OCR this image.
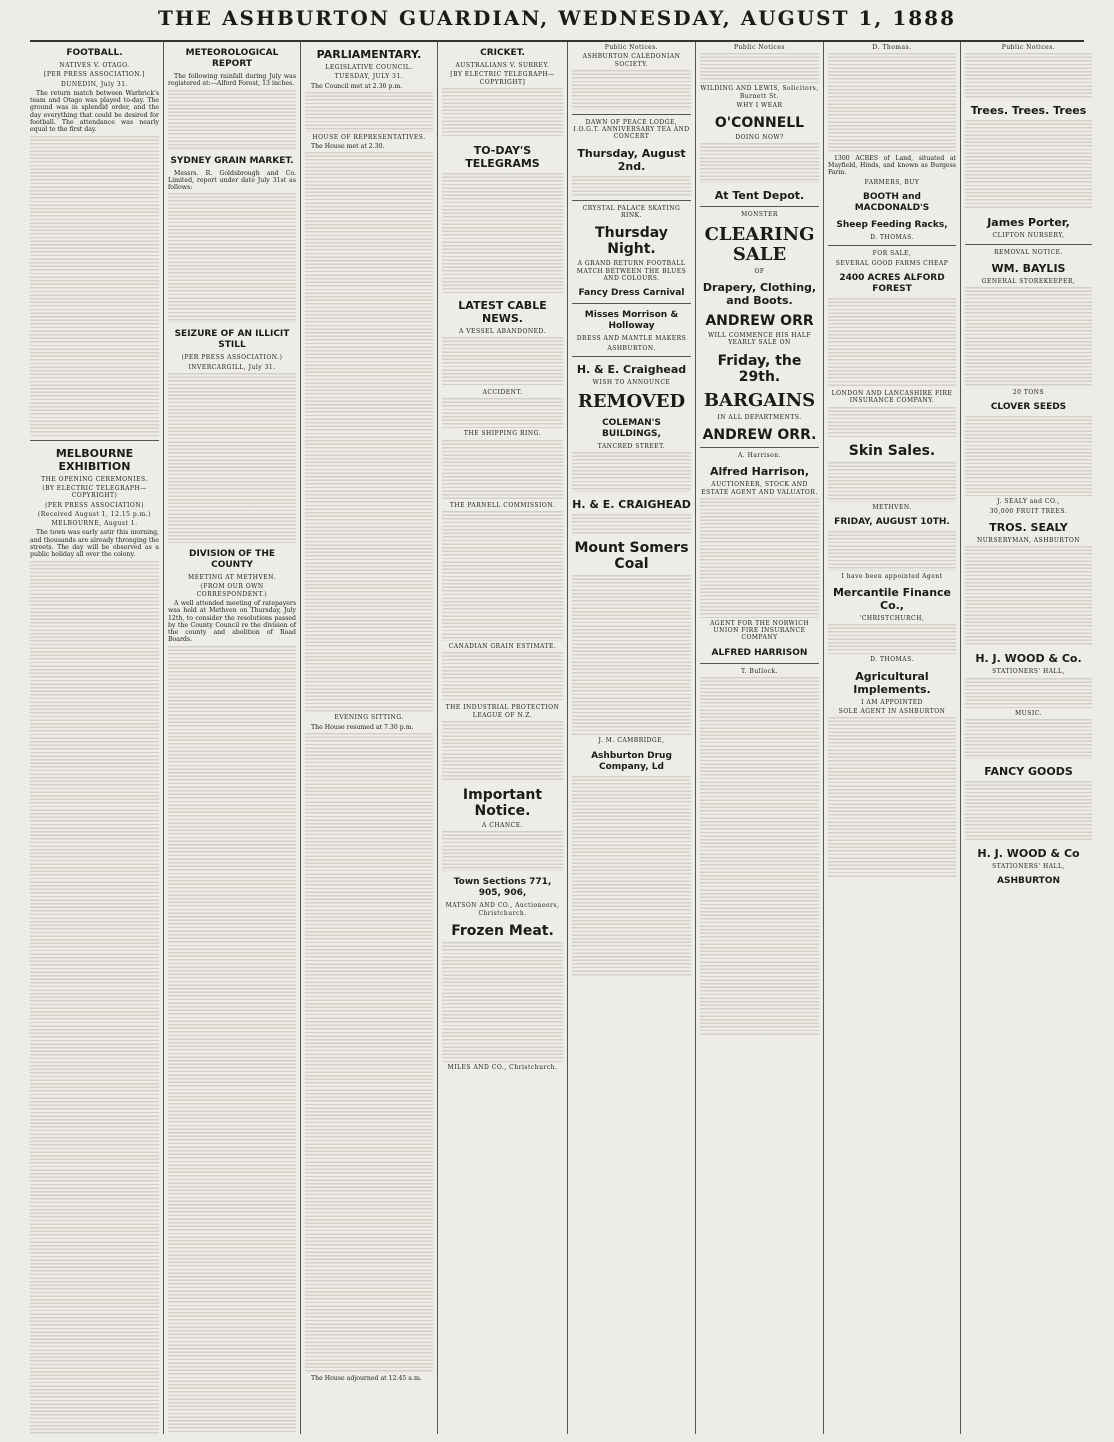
THE ASHBURTON GUARDIAN, WEDNESDAY, AUGUST 1, 1888
FOOTBALL.
NATIVES V. OTAGO.
[PER PRESS ASSOCIATION.]
DUNEDIN, July 31.
The return match between Warbrick's team and Otago was played to-day. The ground was in splendid order, and the day everything that could be desired for football. The attendance was nearly equal to the first day.
MELBOURNE EXHIBITION
THE OPENING CEREMONIES.
(BY ELECTRIC TELEGRAPH—COPYRIGHT)
(PER PRESS ASSOCIATION)
(Received August 1, 12.15 p.m.)
MELBOURNE, August 1.
The town was early astir this morning, and thousands are already thronging the streets. The day will be observed as a public holiday all over the colony.
METEOROLOGICAL REPORT
The following rainfall during July was registered at:—Alford Forest, 13 inches.
SYDNEY GRAIN MARKET.
Messrs. R. Goldsbrough and Co. Limited, report under date July 31st as follows:
SEIZURE OF AN ILLICIT STILL
(PER PRESS ASSOCIATION.)
INVERCARGILL, July 31.
DIVISION OF THE COUNTY
MEETING AT METHVEN.
(FROM OUR OWN CORRESPONDENT.)
A well attended meeting of ratepayers was held at Methven on Thursday, July 12th, to consider the resolutions passed by the County Council re the division of the county and abolition of Road Boards.
PARLIAMENTARY.
LEGISLATIVE COUNCIL.
TUESDAY, JULY 31.
The Council met at 2.30 p.m.
HOUSE OF REPRESENTATIVES.
The House met at 2.30.
EVENING SITTING.
The House resumed at 7.30 p.m.
The House adjourned at 12.45 a.m.
CRICKET.
AUSTRALIANS V. SURREY.
[BY ELECTRIC TELEGRAPH—COPYRIGHT]
TO-DAY'S TELEGRAMS
LATEST CABLE NEWS.
A VESSEL ABANDONED.
ACCIDENT.
THE SHIPPING RING.
THE PARNELL COMMISSION.
CANADIAN GRAIN ESTIMATE.
THE INDUSTRIAL PROTECTION LEAGUE OF N.Z.
Important Notice.
A CHANCE.
Town Sections 771, 905, 906,
MATSON AND CO., Auctioneers, Christchurch.
Frozen Meat.
MILES AND CO., Christchurch.
Public Notices.
ASHBURTON CALEDONIAN SOCIETY.
DAWN OF PEACE LODGE, I.O.G.T. ANNIVERSARY TEA AND CONCERT
Thursday, August 2nd.
CRYSTAL PALACE SKATING RINK.
Thursday Night.
A GRAND RETURN FOOTBALL MATCH BETWEEN THE BLUES AND COLOURS.
Fancy Dress Carnival
Misses Morrison & Holloway
DRESS AND MANTLE MAKERS
ASHBURTON.
H. & E. Craighead
WISH TO ANNOUNCE
REMOVED
COLEMAN'S BUILDINGS,
TANCRED STREET.
H. & E. CRAIGHEAD
Mount Somers Coal
J. M. CAMBRIDGE,
Ashburton Drug Company, Ld
Public Notices
WILDING AND LEWIS, Solicitors, Burnett St.
WHY I WEAR
O'CONNELL
DOING NOW?
At Tent Depot.
MONSTER
CLEARING SALE
OF
Drapery, Clothing, and Boots.
ANDREW ORR
WILL COMMENCE HIS HALF YEARLY SALE ON
Friday, the 29th.
BARGAINS
IN ALL DEPARTMENTS.
ANDREW ORR.
A. Harrison.
Alfred Harrison,
AUCTIONEER, STOCK AND ESTATE AGENT AND VALUATOR.
AGENT FOR THE NORWICH UNION FIRE INSURANCE COMPANY
ALFRED HARRISON
T. Bullock.
D. Thomas.
1300 ACRES of Land, situated at Mayfield, Hinds, and known as Burgess Farm.
FARMERS, BUY
BOOTH and MACDONALD'S
Sheep Feeding Racks,
D. THOMAS.
FOR SALE,
SEVERAL GOOD FARMS CHEAP
2400 ACRES ALFORD FOREST
LONDON AND LANCASHIRE FIRE INSURANCE COMPANY.
Skin Sales.
METHVEN.
FRIDAY, AUGUST 10TH.
I have been appointed Agent
Mercantile Finance Co.,
'CHRISTCHURCH,
D. THOMAS.
Agricultural Implements.
I AM APPOINTED
SOLE AGENT IN ASHBURTON
Public Notices.
Trees. Trees. Trees
James Porter,
CLIFTON NURSERY,
REMOVAL NOTICE.
WM. BAYLIS
GENERAL STOREKEEPER,
20 TONS
CLOVER SEEDS
J. SEALY and CO.,
30,000 FRUIT TREES.
TROS. SEALY
NURSERYMAN, ASHBURTON
H. J. WOOD & Co.
STATIONERS' HALL,
MUSIC.
FANCY GOODS
H. J. WOOD & Co
STATIONERS' HALL,
ASHBURTON
